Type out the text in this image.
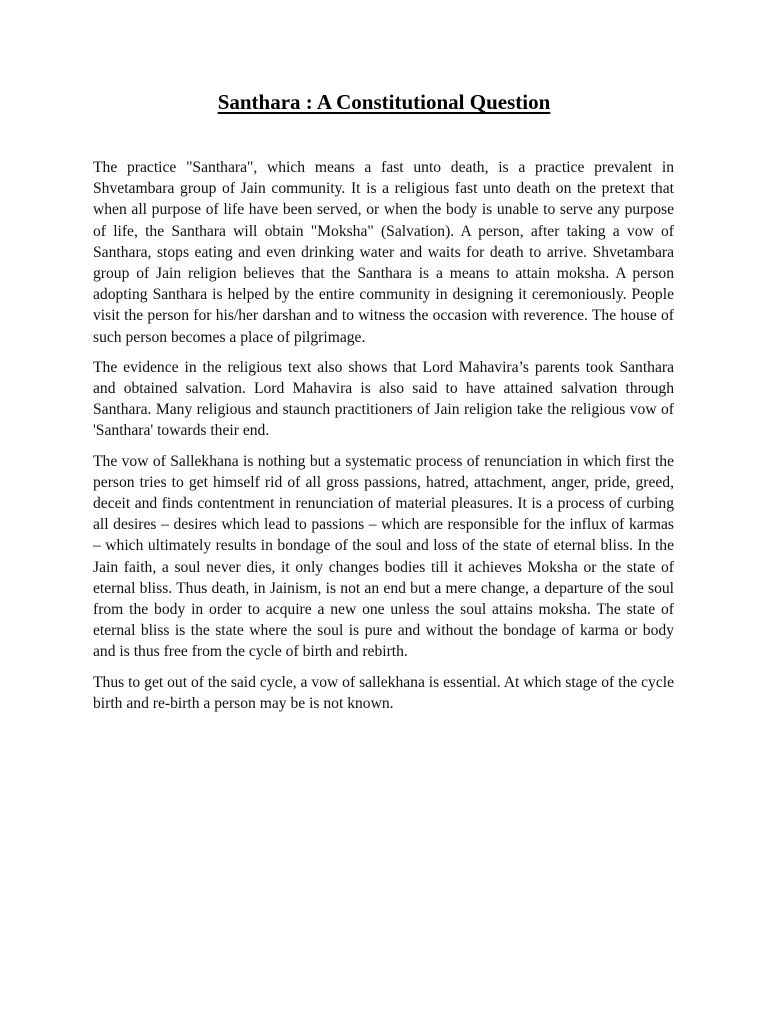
Santhara : A Constitutional Question

The practice "Santhara", which means a fast unto death, is a practice prevalent in Shvetambara group of Jain community. It is a religious fast unto death on the pretext that when all purpose of life have been served, or when the body is unable to serve any purpose of life, the Santhara will obtain "Moksha" (Salvation). A person, after taking a vow of Santhara, stops eating and even drinking water and waits for death to arrive. Shvetambara group of Jain religion believes that the Santhara is a means to attain moksha. A person adopting Santhara is helped by the entire community in designing it ceremoniously. People visit the person for his/her darshan and to witness the occasion with reverence. The house of such person becomes a place of pilgrimage.

The evidence in the religious text also shows that Lord Mahavira’s parents took Santhara and obtained salvation. Lord Mahavira is also said to have attained salvation through Santhara. Many religious and staunch practitioners of Jain religion take the religious vow of 'Santhara' towards their end.

The vow of Sallekhana is nothing but a systematic process of renunciation in which first the person tries to get himself rid of all gross passions, hatred, attachment, anger, pride, greed, deceit and finds contentment in renunciation of material pleasures. It is a process of curbing all desires – desires which lead to passions – which are responsible for the influx of karmas – which ultimately results in bondage of the soul and loss of the state of eternal bliss. In the Jain faith, a soul never dies, it only changes bodies till it achieves Moksha or the state of eternal bliss. Thus death, in Jainism, is not an end but a mere change, a departure of the soul from the body in order to acquire a new one unless the soul attains moksha. The state of eternal bliss is the state where the soul is pure and without the bondage of karma or body and is thus free from the cycle of birth and rebirth.

Thus to get out of the said cycle, a vow of sallekhana is essential. At which stage of the cycle birth and re-birth a person may be is not known.
